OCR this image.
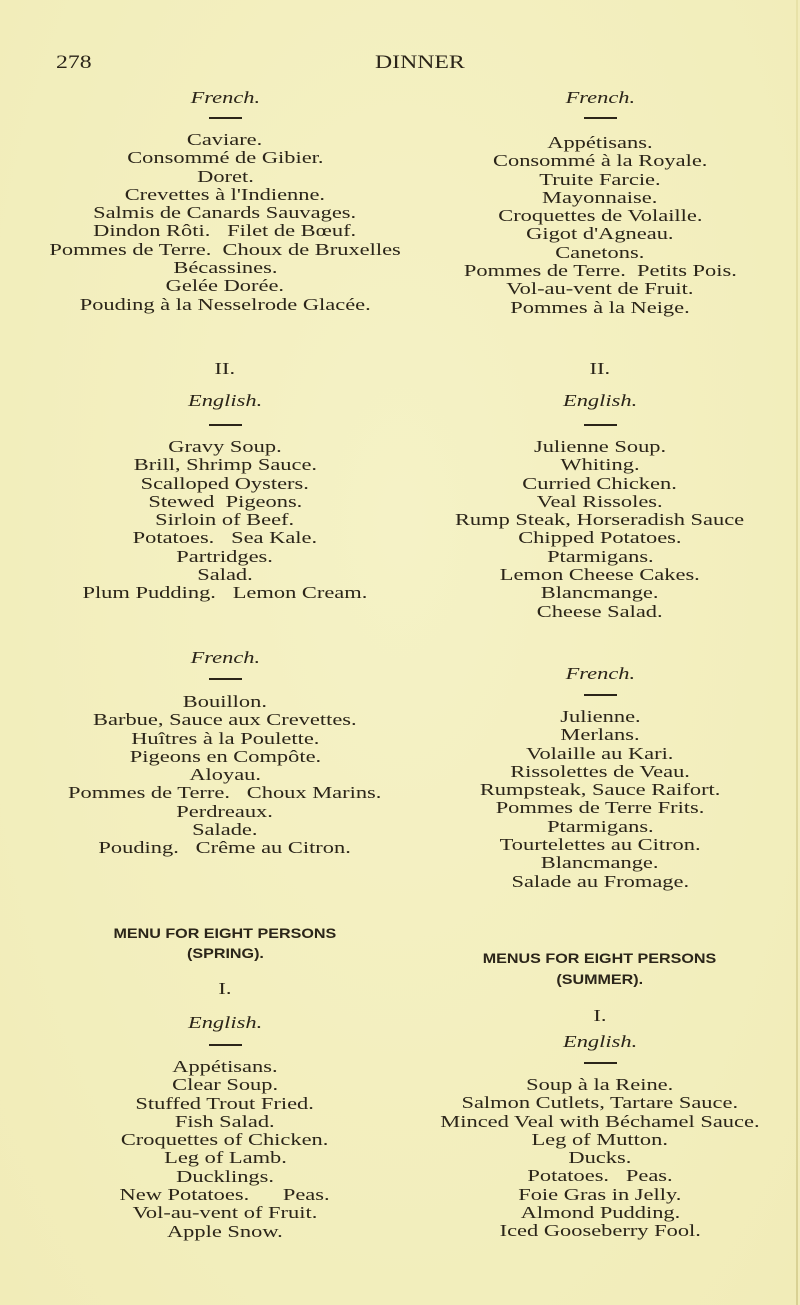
278	DINNER
French.
Caviare.
Consommé de Gibier.
Doret.
Crevettes à l'Indienne.
Salmis de Canards Sauvages.
Dindon Rôti.   Filet de Bœuf.
Pommes de Terre.  Choux de Bruxelles
Bécassines.
Gelée Dorée.
Pouding à la Nesselrode Glacée.
II.
English.
Gravy Soup.
Brill, Shrimp Sauce.
Scalloped Oysters.
Stewed  Pigeons.
Sirloin of Beef.
Potatoes.   Sea Kale.
Partridges.
Salad.
Plum Pudding.   Lemon Cream.
French.
Bouillon.
Barbue, Sauce aux Crevettes.
Huîtres à la Poulette.
Pigeons en Compôte.
Aloyau.
Pommes de Terre.   Choux Marins.
Perdreaux.
Salade.
Pouding.   Crême au Citron.
MENU FOR EIGHT PERSONS
(SPRING).
I.
English.
Appétisans.
Clear Soup.
Stuffed Trout Fried.
Fish Salad.
Croquettes of Chicken.
Leg of Lamb.
Ducklings.
New Potatoes.      Peas.
Vol-au-vent of Fruit.
Apple Snow.
French.
Appétisans.
Consommé à la Royale.
Truite Farcie.
Mayonnaise.
Croquettes de Volaille.
Gigot d'Agneau.
Canetons.
Pommes de Terre.  Petits Pois.
Vol-au-vent de Fruit.
Pommes à la Neige.
II.
English.
Julienne Soup.
Whiting.
Curried Chicken.
Veal Rissoles.
Rump Steak, Horseradish Sauce
Chipped Potatoes.
Ptarmigans.
Lemon Cheese Cakes.
Blancmange.
Cheese Salad.
French.
Julienne.
Merlans.
Volaille au Kari.
Rissolettes de Veau.
Rumpsteak, Sauce Raifort.
Pommes de Terre Frits.
Ptarmigans.
Tourtelettes au Citron.
Blancmange.
Salade au Fromage.
MENUS FOR EIGHT PERSONS
(SUMMER).
I.
English.
Soup à la Reine.
Salmon Cutlets, Tartare Sauce.
Minced Veal with Béchamel Sauce.
Leg of Mutton.
Ducks.
Potatoes.   Peas.
Foie Gras in Jelly.
Almond Pudding.
Iced Gooseberry Fool.
